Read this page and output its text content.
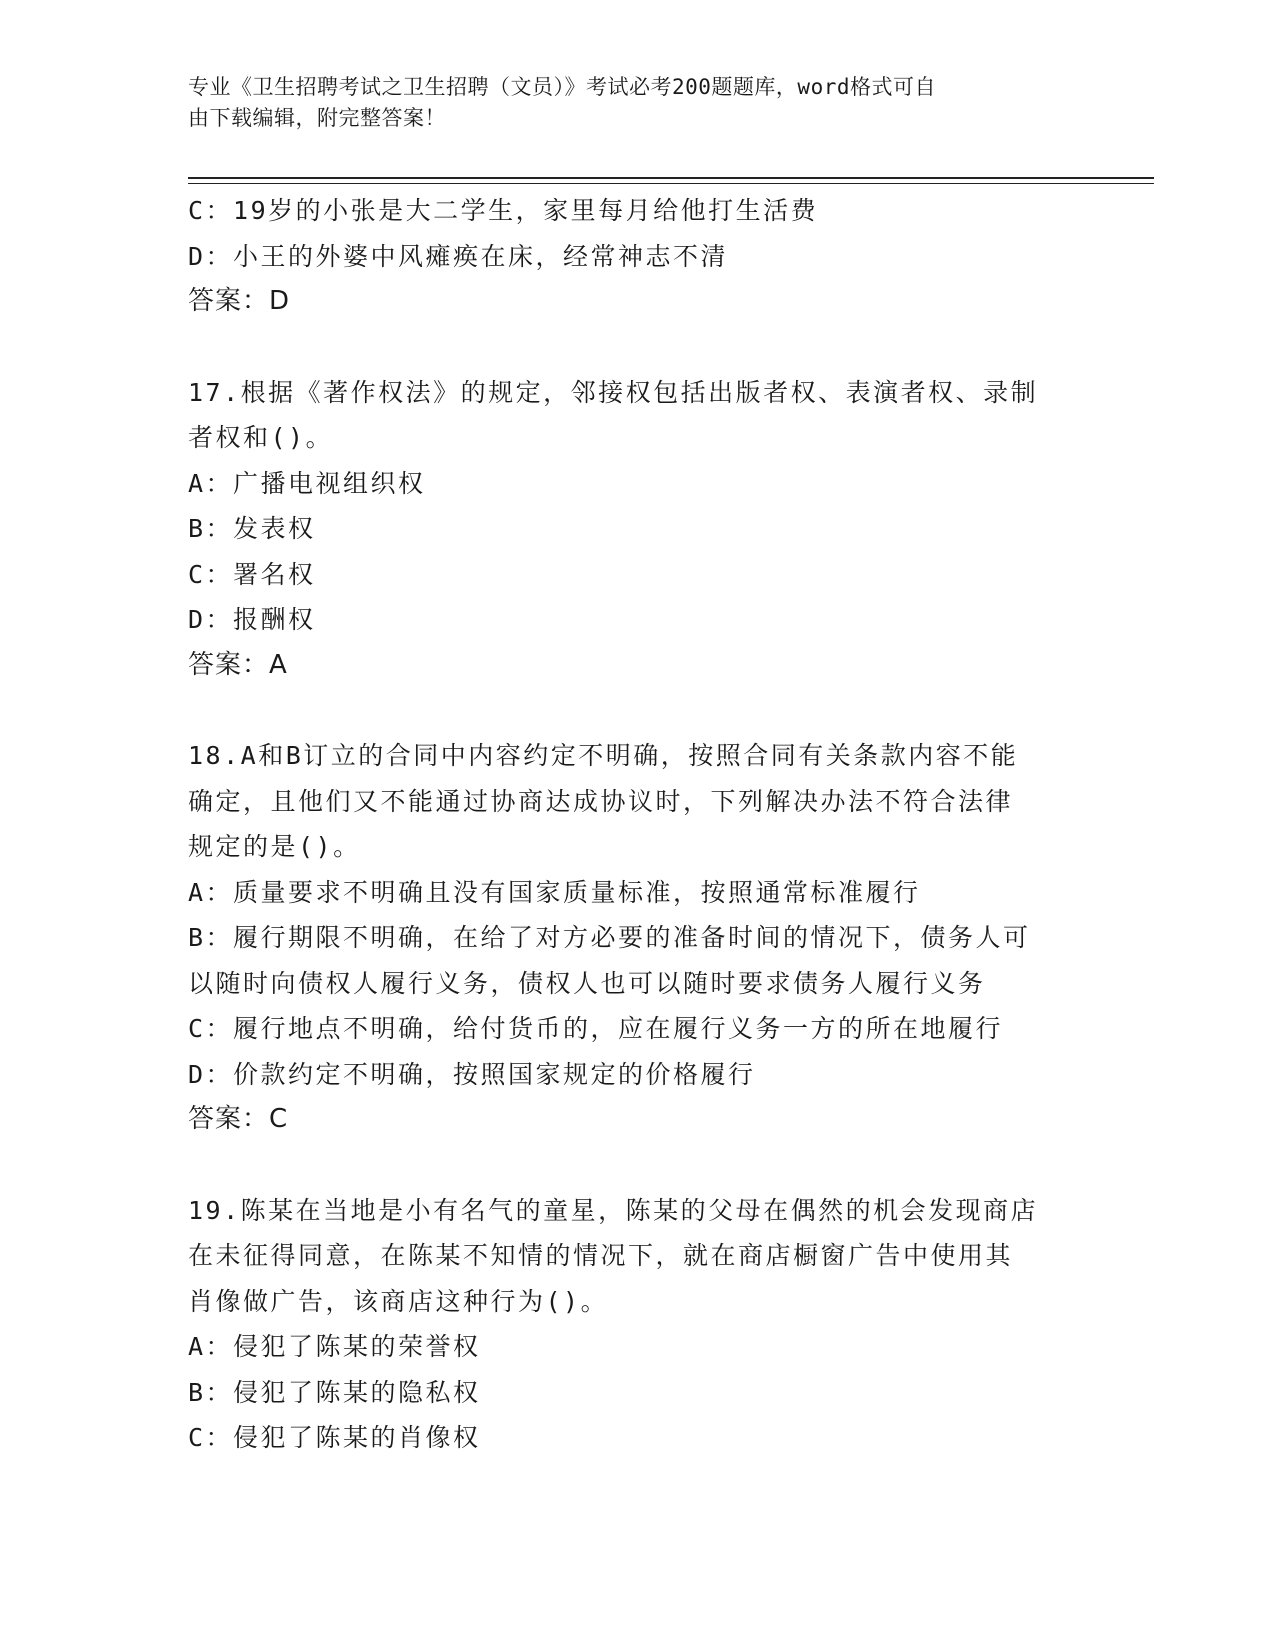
专业《卫生招聘考试之卫生招聘（文员）》考试必考200题题库，word格式可自
由下载编辑，附完整答案！
C：19岁的小张是大二学生，家里每月给他打生活费
D：小王的外婆中风瘫痪在床，经常神志不清
答案：D
17.根据《著作权法》的规定，邻接权包括出版者权、表演者权、录制
者权和()。
A：广播电视组织权
B：发表权
C：署名权
D：报酬权
答案：A
18.A和B订立的合同中内容约定不明确，按照合同有关条款内容不能
确定，且他们又不能通过协商达成协议时，下列解决办法不符合法律
规定的是()。
A：质量要求不明确且没有国家质量标准，按照通常标准履行
B：履行期限不明确，在给了对方必要的准备时间的情况下，债务人可
以随时向债权人履行义务，债权人也可以随时要求债务人履行义务
C：履行地点不明确，给付货币的，应在履行义务一方的所在地履行
D：价款约定不明确，按照国家规定的价格履行
答案：C
19.陈某在当地是小有名气的童星，陈某的父母在偶然的机会发现商店
在未征得同意，在陈某不知情的情况下，就在商店橱窗广告中使用其
肖像做广告，该商店这种行为()。
A：侵犯了陈某的荣誉权
B：侵犯了陈某的隐私权
C：侵犯了陈某的肖像权
